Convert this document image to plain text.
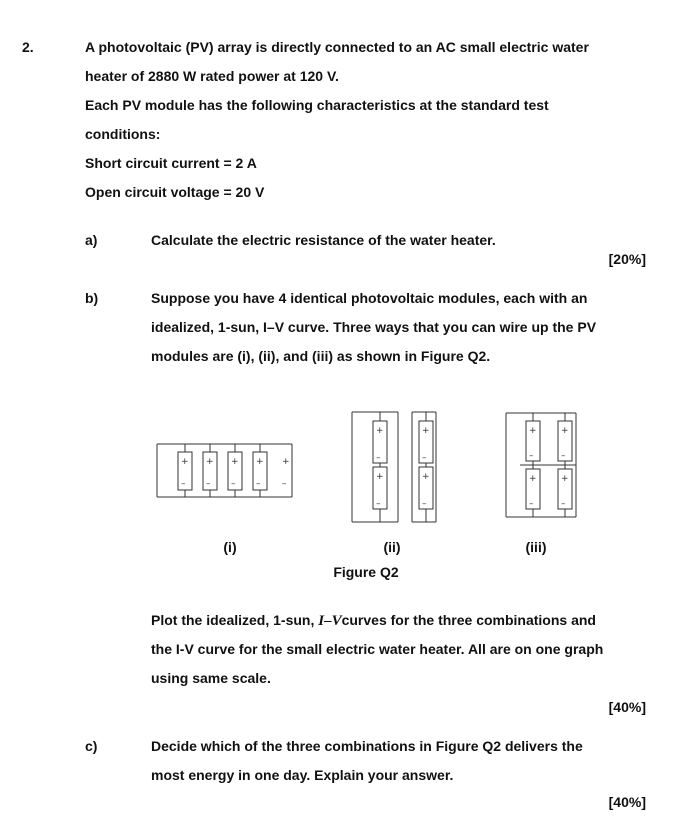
2.	A photovoltaic (PV) array is directly connected to an AC small electric water
heater of 2880 W rated power at 120 V.
Each PV module has the following characteristics at the standard test
conditions:
Short circuit current = 2 A
Open circuit voltage = 20 V
a)	Calculate the electric resistance of the water heater.
[20%]
b)	Suppose you have 4 identical photovoltaic modules, each with an
idealized, 1-sun, I–V curve. Three ways that you can wire up the PV
modules are (i), (ii), and (iii) as shown in Figure Q2.
+ + + + +
– – – – –
+	+
–	–
+	+
–	–
+	+
–	–
+	+
–	–
(i)	(ii)	(iii)
Figure Q2
Plot the idealized, 1-sun, I–Vcurves for the three combinations and
the I-V curve for the small electric water heater. All are on one graph
using same scale.
[40%]
c)	Decide which of the three combinations in Figure Q2 delivers the
most energy in one day. Explain your answer.
[40%]
